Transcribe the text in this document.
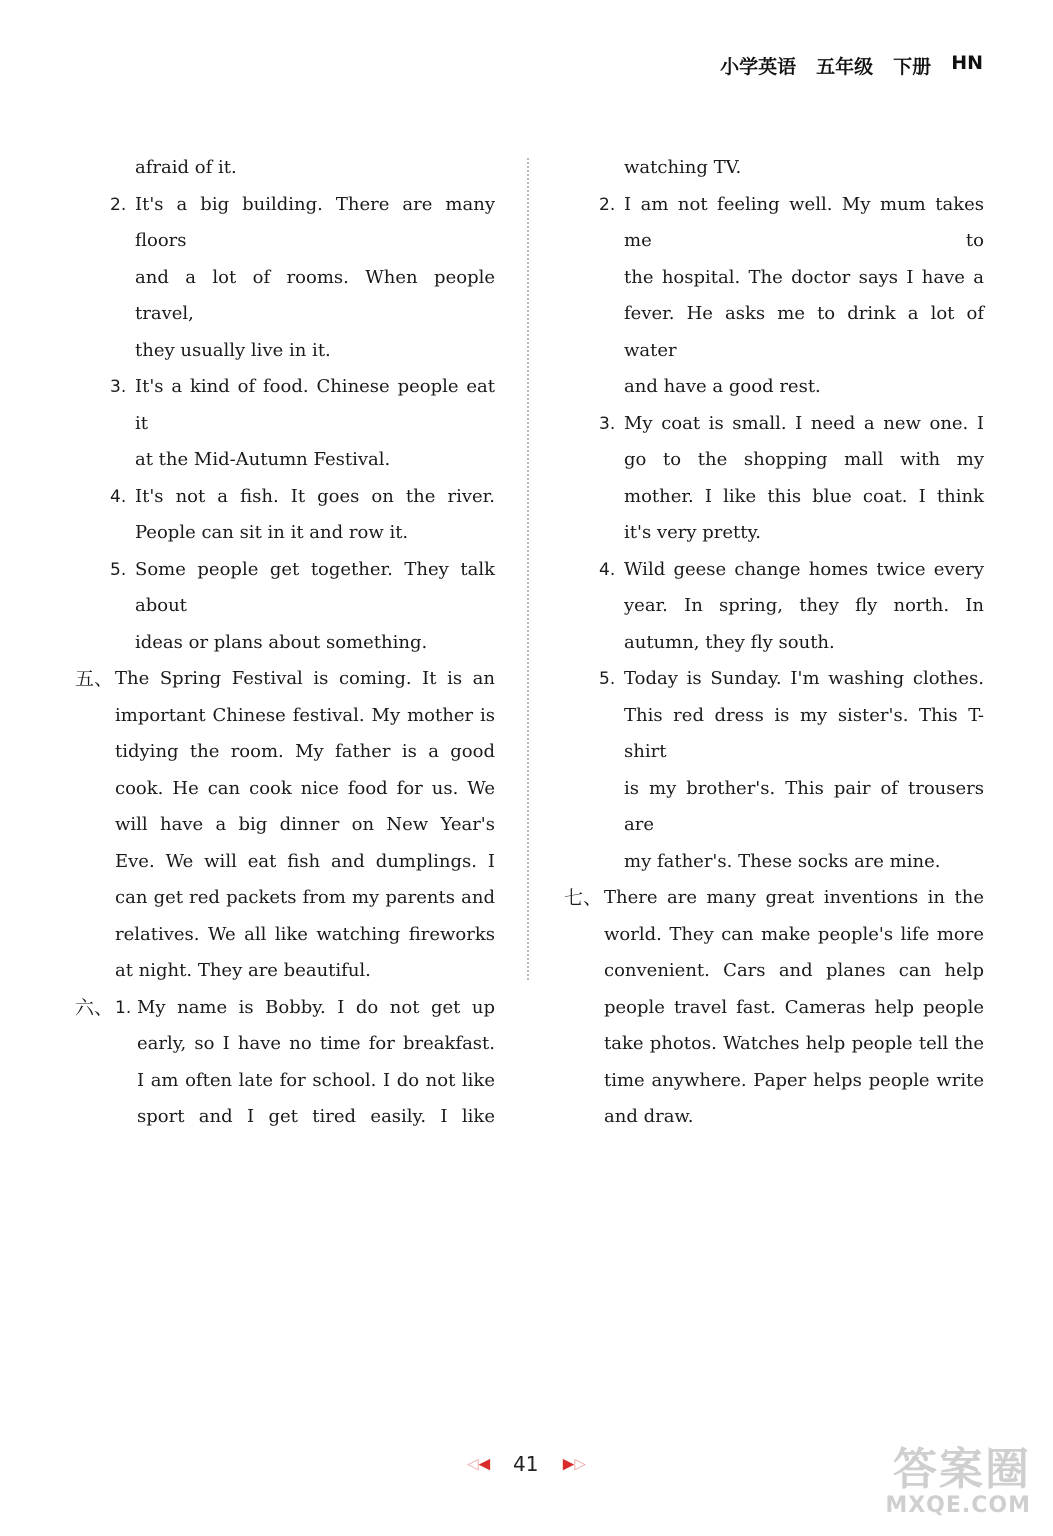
小学英语 五年级 下册 HN
afraid of it.
2. It's a big building. There are many floors
and a lot of rooms. When people travel,
they usually live in it.
3. It's a kind of food. Chinese people eat it
at the Mid-Autumn Festival.
4. It's not a fish. It goes on the river.
People can sit in it and row it.
5. Some people get together. They talk about
ideas or plans about something.
五、 The Spring Festival is coming. It is an
important Chinese festival. My mother is
tidying the room. My father is a good
cook. He can cook nice food for us. We
will have a big dinner on New Year's
Eve. We will eat fish and dumplings. I
can get red packets from my parents and
relatives. We all like watching fireworks
at night. They are beautiful.
六、 1. My name is Bobby. I do not get up
early, so I have no time for breakfast.
I am often late for school. I do not like
sport and I get tired easily. I like
watching TV.
2. I am not feeling well. My mum takes me to
the hospital. The doctor says I have a
fever. He asks me to drink a lot of water
and have a good rest.
3. My coat is small. I need a new one. I
go to the shopping mall with my
mother. I like this blue coat. I think
it's very pretty.
4. Wild geese change homes twice every
year. In spring, they fly north. In
autumn, they fly south.
5. Today is Sunday. I'm washing clothes.
This red dress is my sister's. This T-shirt
is my brother's. This pair of trousers are
my father's. These socks are mine.
七、 There are many great inventions in the
world. They can make people's life more
convenient. Cars and planes can help
people travel fast. Cameras help people
take photos. Watches help people tell the
time anywhere. Paper helps people write
and draw.
◁◀ 41 ▶▷	答案圈
MXQE.COM
